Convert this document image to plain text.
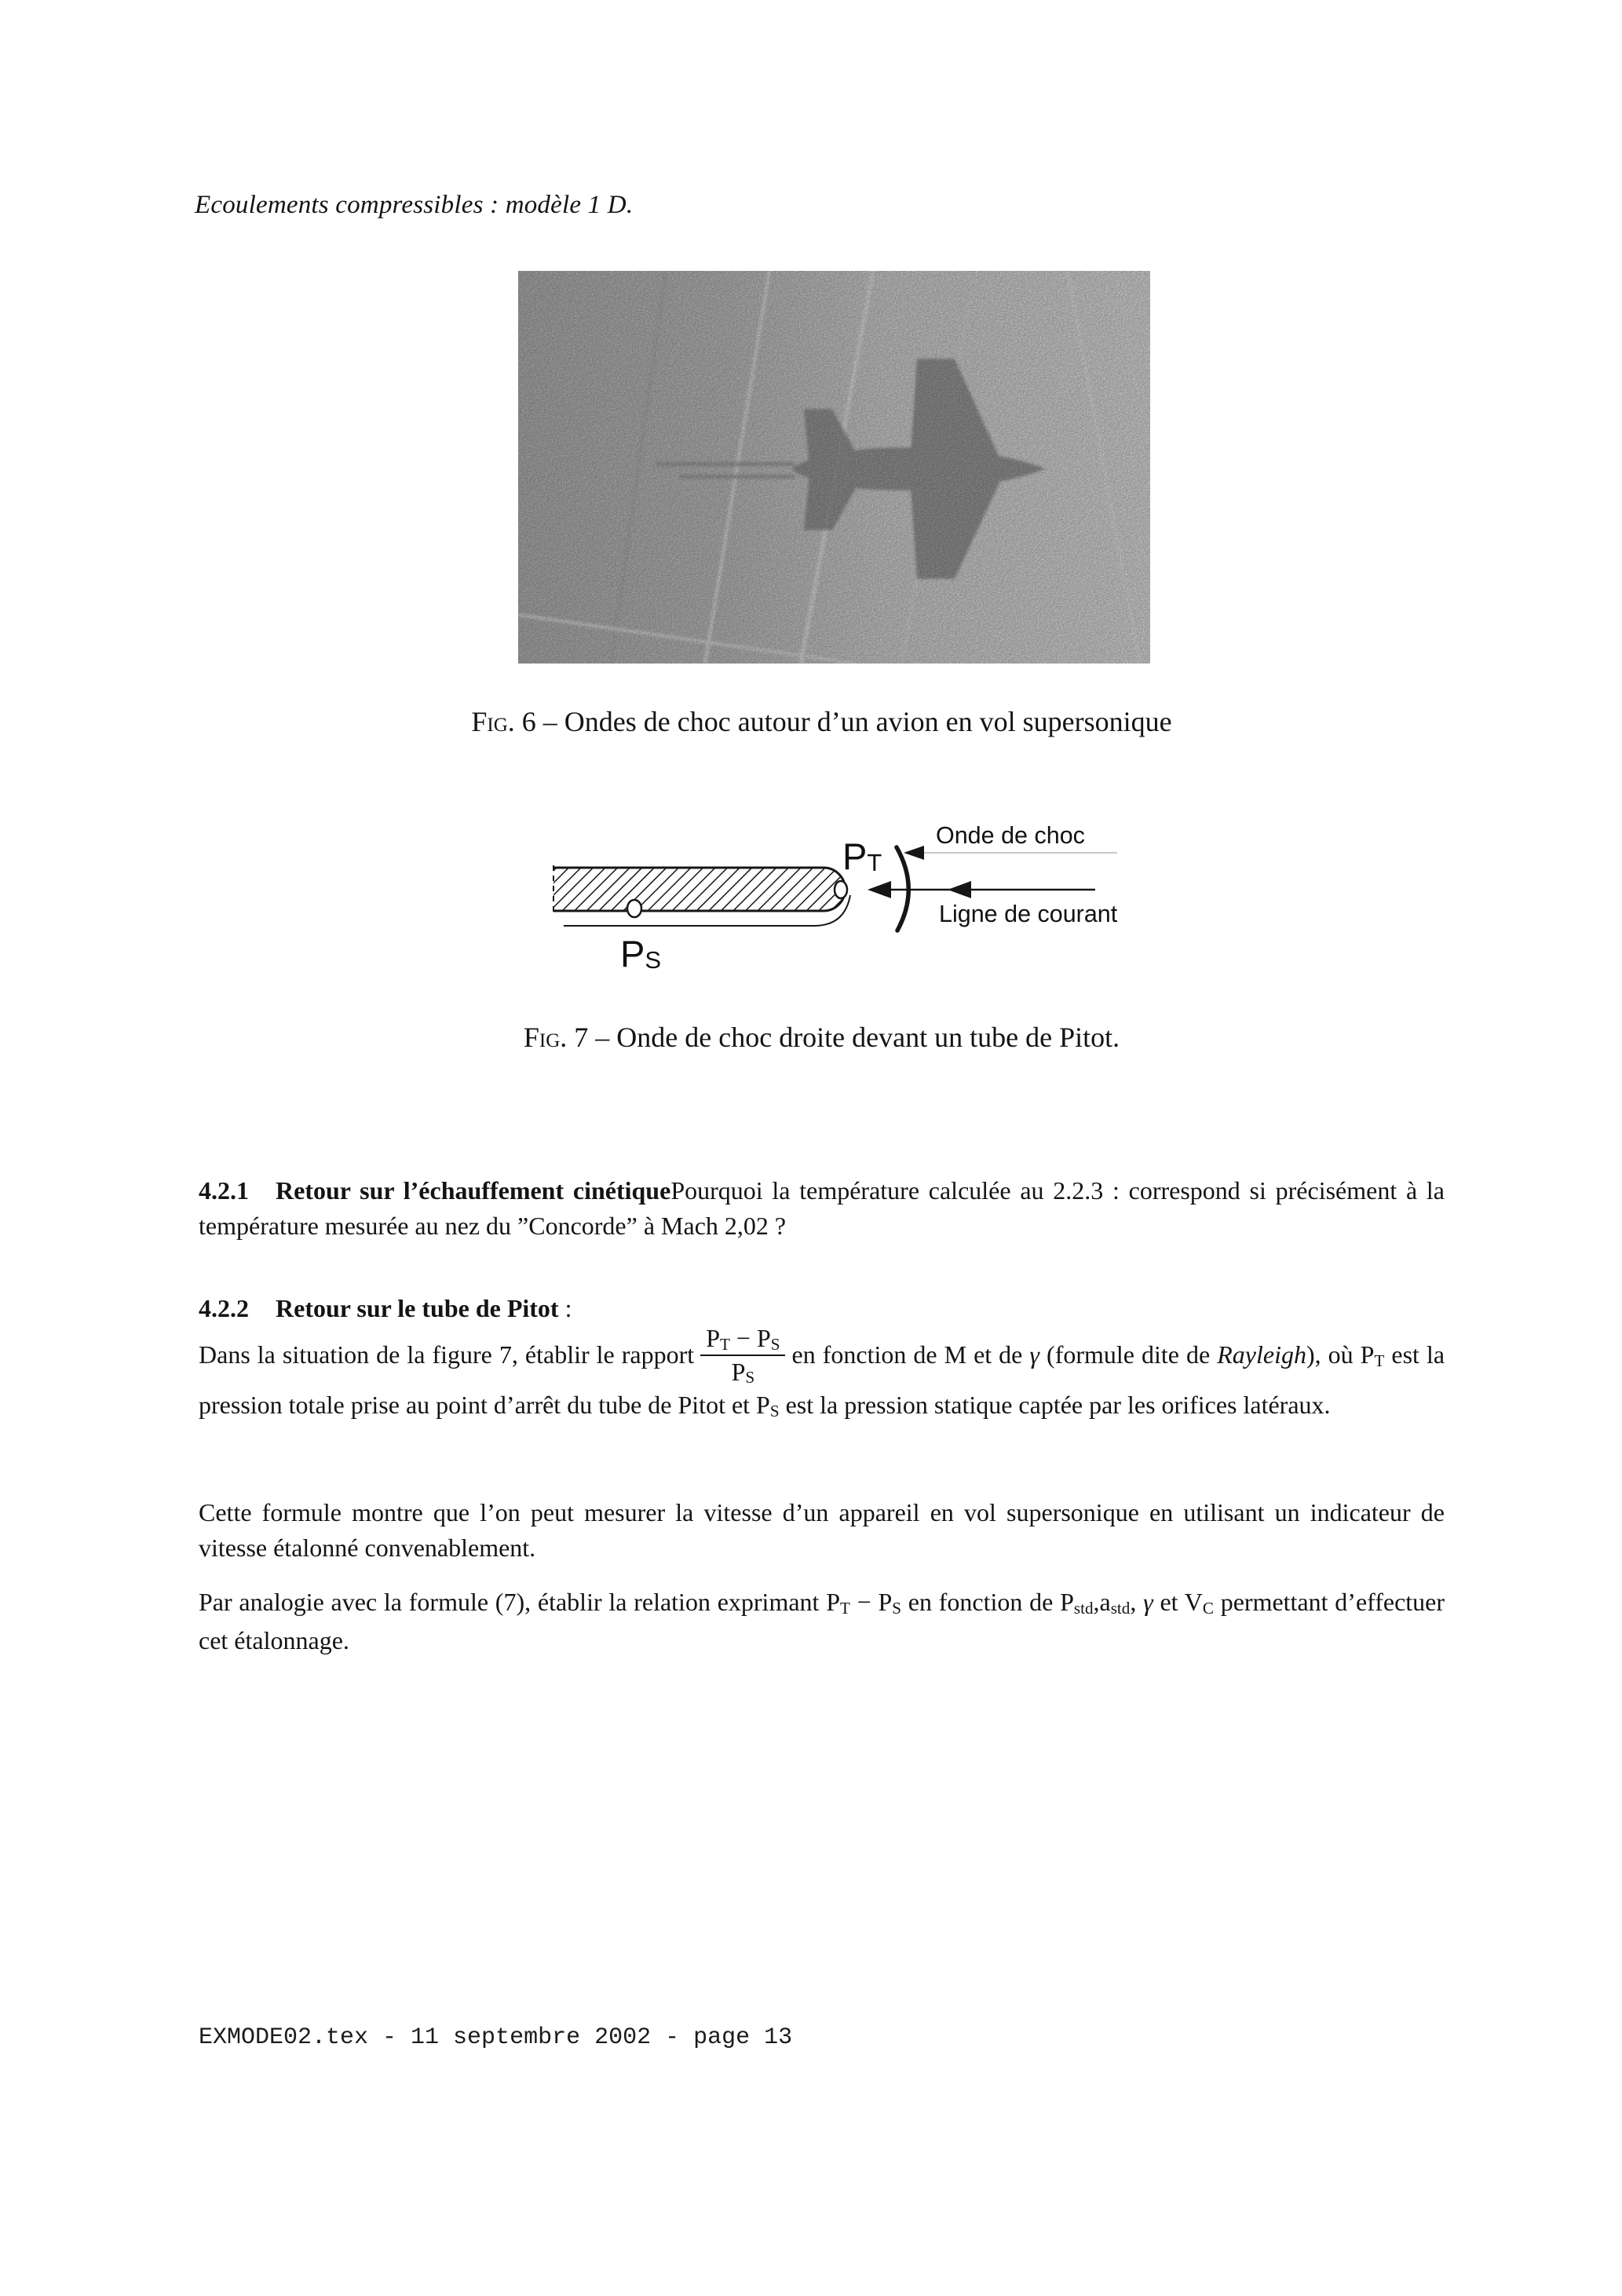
Ecoulements compressibles : modèle 1 D.
Fig. 6 – Ondes de choc autour d’un avion en vol supersonique
PT
Onde de choc
Ligne de courant
PS
Fig. 7 – Onde de choc droite devant un tube de Pitot.

4.2.1 Retour sur l’échauffement cinétiquePourquoi la température calculée au 2.2.3 : correspond si précisément à la température mesurée au nez du ”Concorde” à Mach 2,02 ?

4.2.2 Retour sur le tube de Pitot :

Dans la situation de la figure 7, établir le rapport $\frac{PT - PS}{PS}$ en fonction de M et de γ (formule dite de Rayleigh), où PT est la pression totale prise au point d’arrêt du tube de Pitot et PS est la pression statique captée par les orifices latéraux.

Cette formule montre que l’on peut mesurer la vitesse d’un appareil en vol supersonique en utilisant un indicateur de vitesse étalonné convenablement.

Par analogie avec la formule (7), établir la relation exprimant PT − PS en fonction de Pstd,astd, γ et VC permettant d’effectuer cet étalonnage.

EXMODE02.tex - 11 septembre 2002 - page 13
